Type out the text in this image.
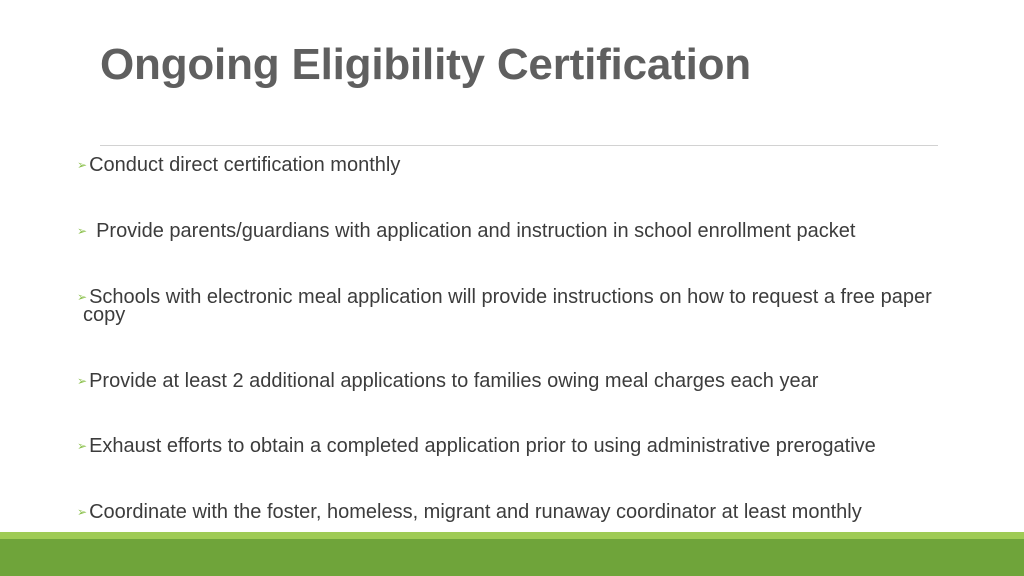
Ongoing Eligibility Certification
➢ Conduct direct certification monthly
➢ Provide parents/guardians with application and instruction in school enrollment packet
➢ Schools with electronic meal application will provide instructions on how to request a free paper
copy
➢ Provide at least 2 additional applications to families owing meal charges each year
➢ Exhaust efforts to obtain a completed application prior to using administrative prerogative
➢ Coordinate with the foster, homeless, migrant and runaway coordinator at least monthly
